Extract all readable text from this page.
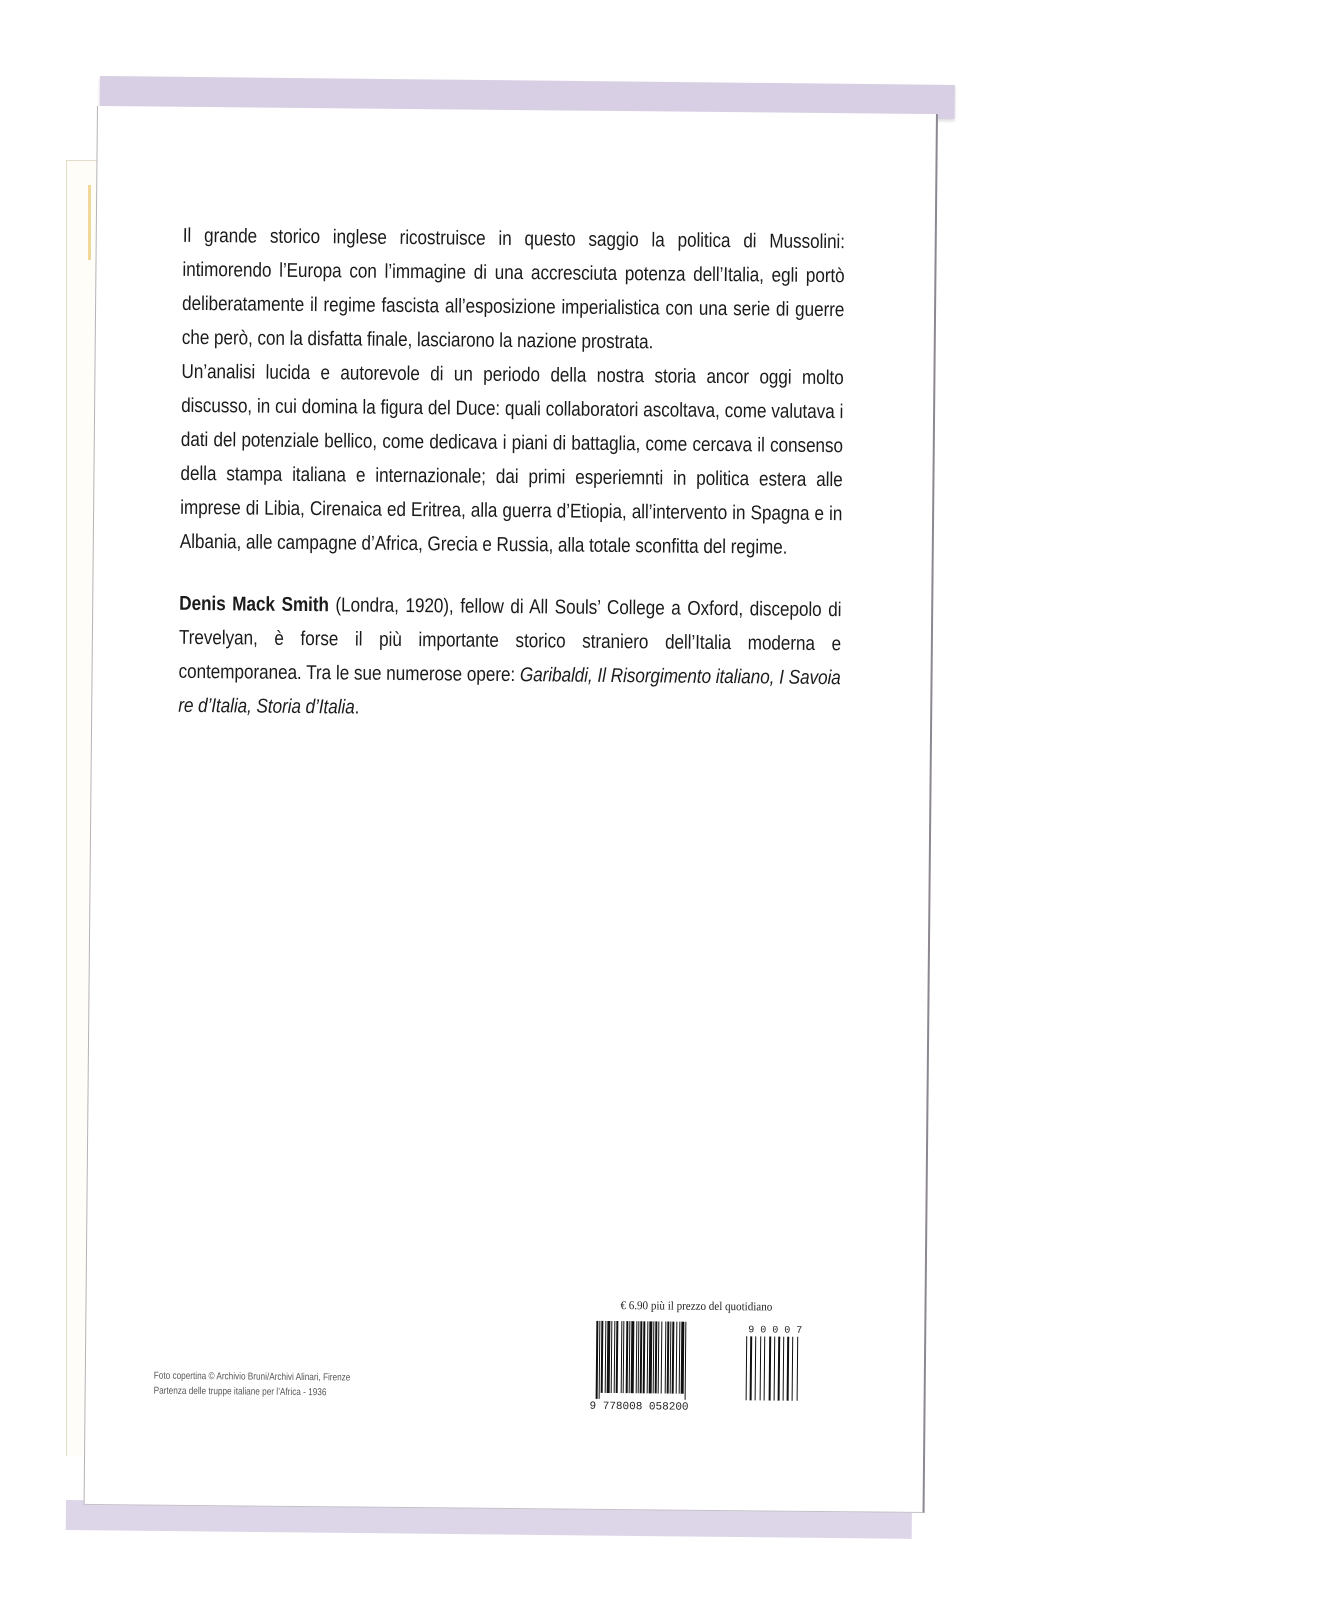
Il grande storico inglese ricostruisce in questo saggio la politica di Mussolini: intimorendo l’Europa con l’immagine di una accresciuta potenza dell’Italia, egli portò deliberatamente il regime fascista all’esposizione imperialistica con una serie di guerre che però, con la disfatta finale, lasciarono la nazione prostrata.

Un’analisi lucida e autorevole di un periodo della nostra storia ancor oggi molto discusso, in cui domina la figura del Duce: quali collaboratori ascoltava, come valutava i dati del potenziale bellico, come dedicava i piani di battaglia, come cercava il consenso della stampa italiana e internazionale; dai primi esperiemnti in politica estera alle imprese di Libia, Cirenaica ed Eritrea, alla guerra d’Etiopia, all’intervento in Spagna e in Albania, alle campagne d’Africa, Grecia e Russia, alla totale sconfitta del regime.

Denis Mack Smith (Londra, 1920), fellow di All Souls’ College a Oxford, discepolo di Trevelyan, è forse il più importante storico straniero dell’Italia moderna e contemporanea. Tra le sue numerose opere: Garibaldi, Il Risorgimento italiano, I Savoia re d’Italia, Storia d’Italia.

€ 6.90 più il prezzo del quotidiano
9 778008 058200
9 0 0 0 7

Foto copertina © Archivio Bruni/Archivi Alinari, Firenze

Partenza delle truppe italiane per l’Africa - 1936
